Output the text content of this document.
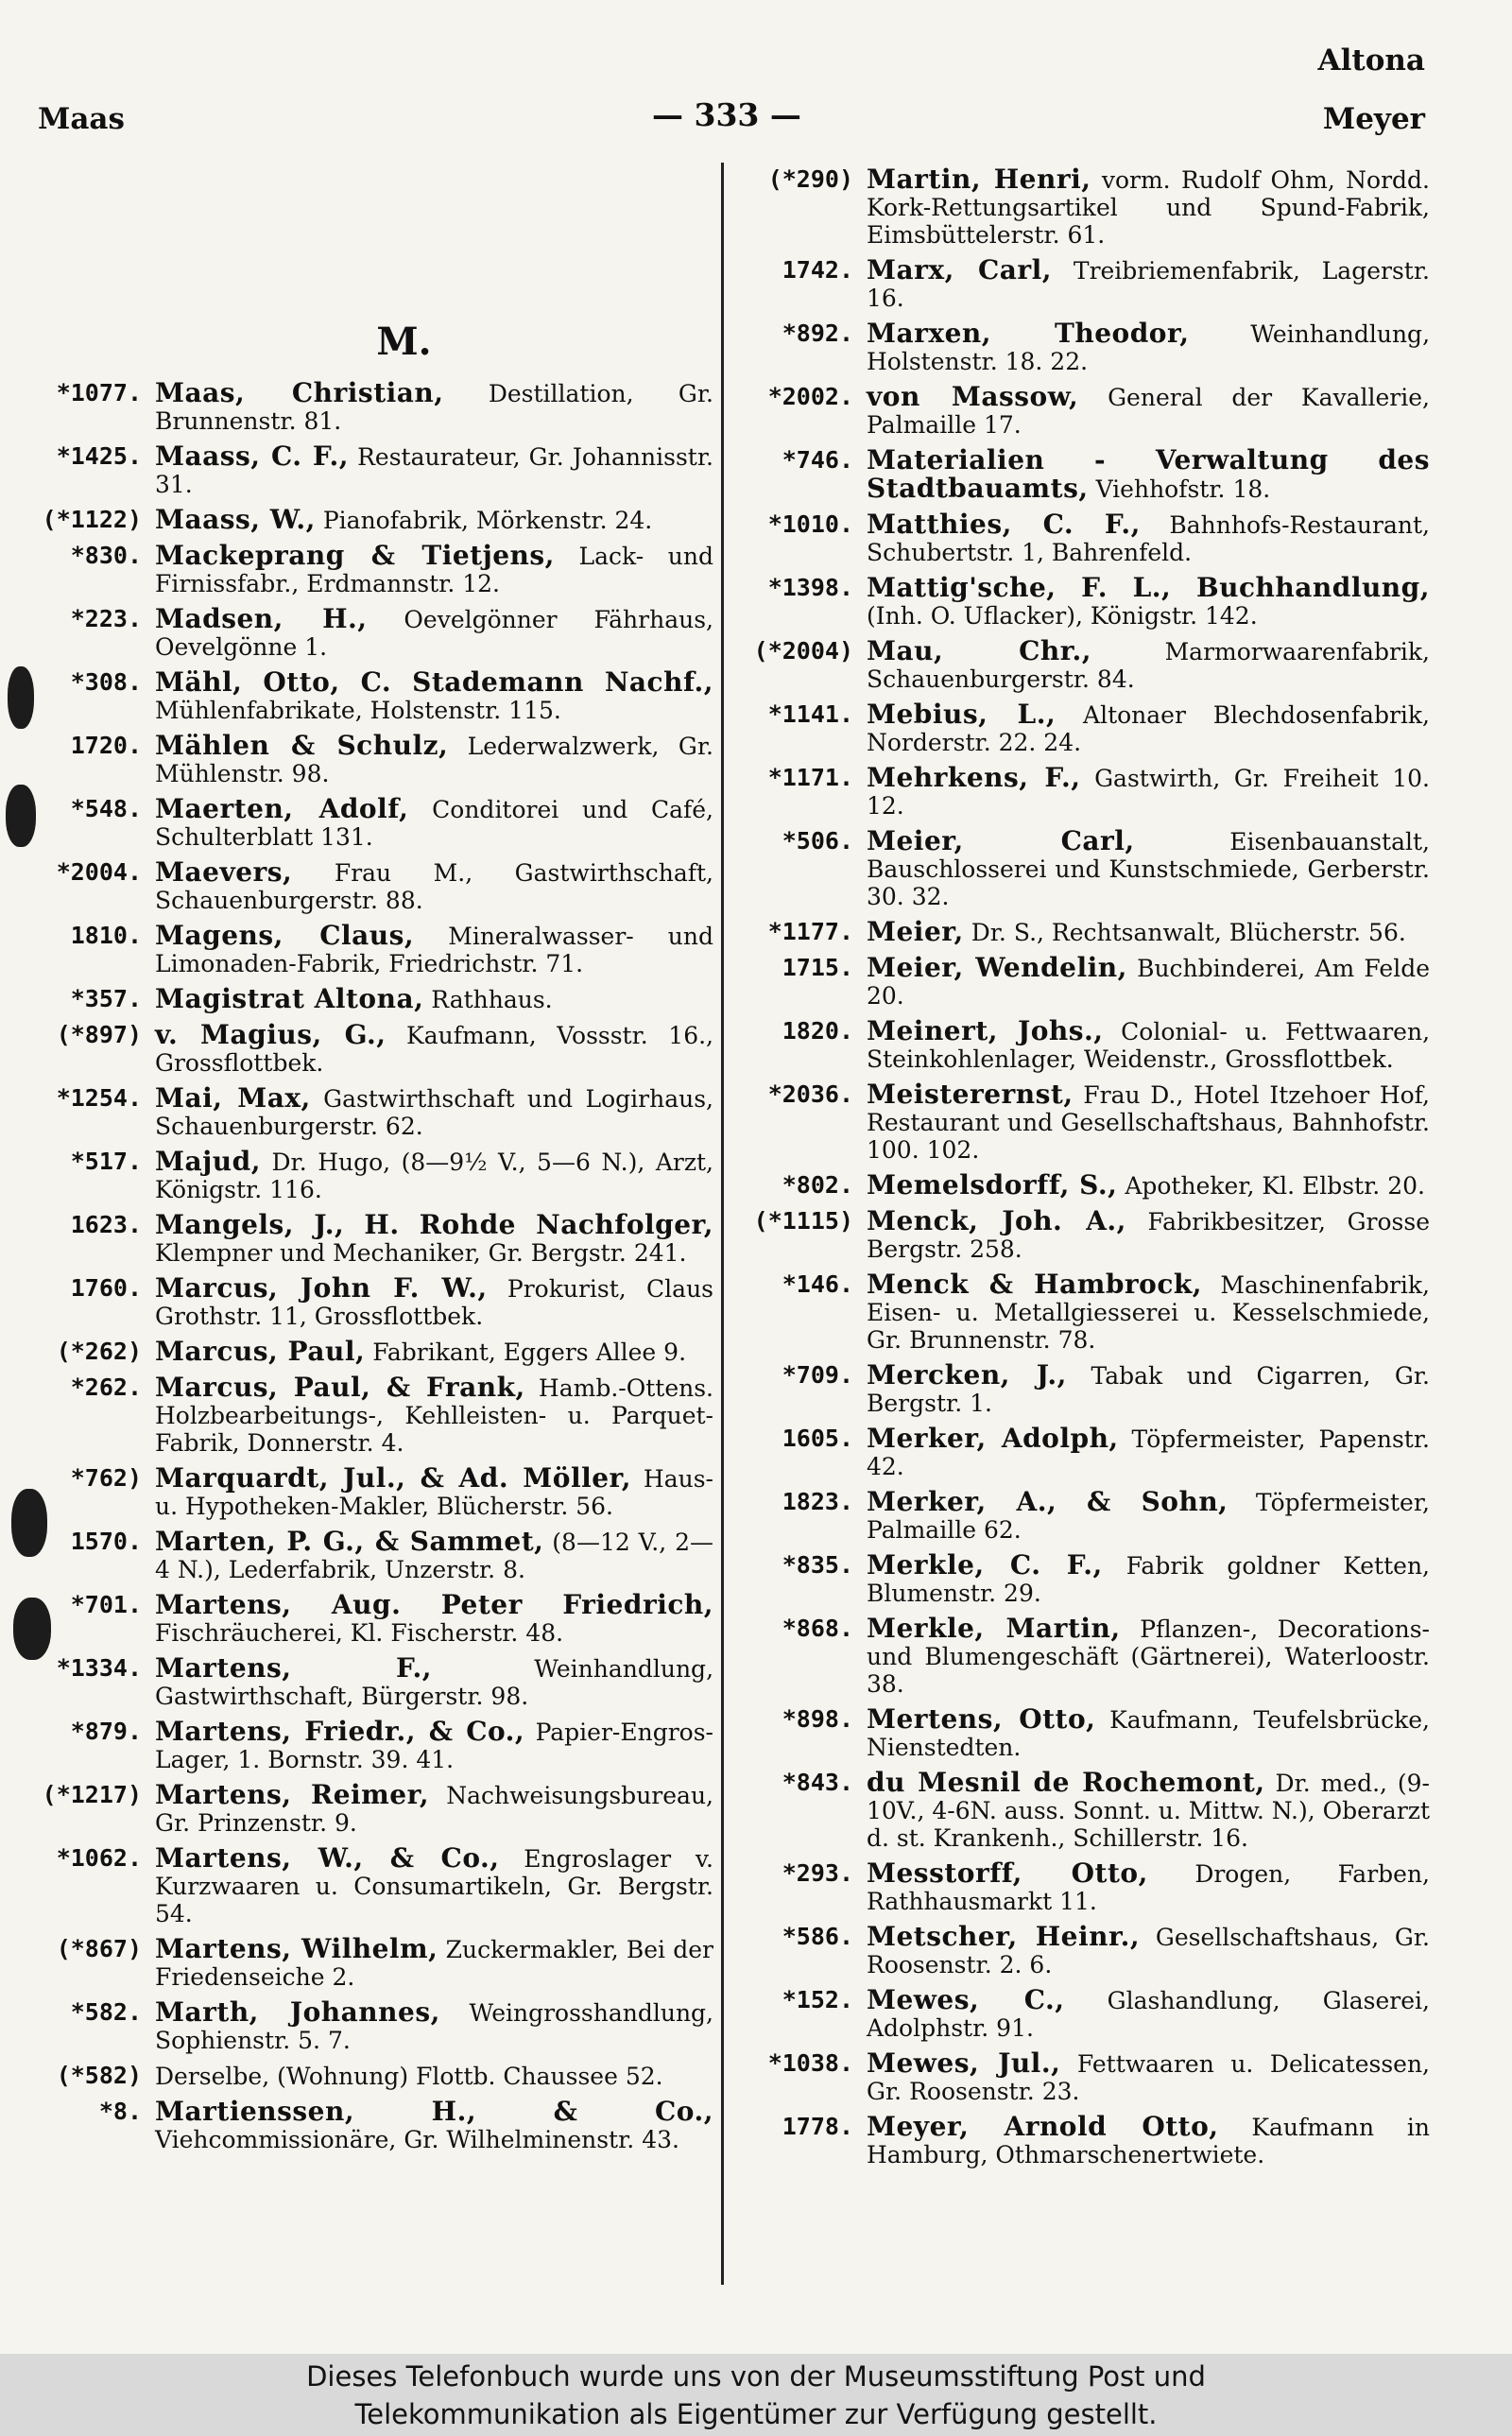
Altona
Maas	— 333 —	Meyer
M.
*1077. Maas, Christian, Destillation, Gr. Brunnenstr. 81.
*1425. Maass, C. F., Restaurateur, Gr. Johannisstr. 31.
(*1122) Maass, W., Pianofabrik, Mörkenstr. 24.
*830. Mackeprang & Tietjens, Lack- und Firnissfabr., Erdmannstr. 12.
*223. Madsen, H., Oevelgönner Fährhaus, Oevelgönne 1.
*308. Mähl, Otto, C. Stademann Nachf., Mühlenfabrikate, Holstenstr. 115.
1720. Mählen & Schulz, Lederwalzwerk, Gr. Mühlenstr. 98.
*548. Maerten, Adolf, Conditorei und Café, Schulterblatt 131.
*2004. Maevers, Frau M., Gastwirthschaft, Schauenburgerstr. 88.
1810. Magens, Claus, Mineralwasser- und Limonaden-Fabrik, Friedrichstr. 71.
*357. Magistrat Altona, Rathhaus.
(*897) v. Magius, G., Kaufmann, Vossstr. 16., Grossflottbek.
*1254. Mai, Max, Gastwirthschaft und Logirhaus, Schauenburgerstr. 62.
*517. Majud, Dr. Hugo, (8—9½ V., 5—6 N.), Arzt, Königstr. 116.
1623. Mangels, J., H. Rohde Nachfolger, Klempner und Mechaniker, Gr. Bergstr. 241.
1760. Marcus, John F. W., Prokurist, Claus Grothstr. 11, Grossflottbek.
(*262) Marcus, Paul, Fabrikant, Eggers Allee 9.
*262. Marcus, Paul, & Frank, Hamb.-Ottens. Holzbearbeitungs-, Kehlleisten- u. Parquet-Fabrik, Donnerstr. 4.
*762) Marquardt, Jul., & Ad. Möller, Haus- u. Hypotheken-Makler, Blücherstr. 56.
1570. Marten, P. G., & Sammet, (8—12 V., 2—4 N.), Lederfabrik, Unzerstr. 8.
*701. Martens, Aug. Peter Friedrich, Fischräucherei, Kl. Fischerstr. 48.
*1334. Martens, F.,	Weinhandlung, Gastwirthschaft, Bürgerstr. 98.
*879. Martens, Friedr., & Co., Papier-Engros-Lager, 1. Bornstr. 39. 41.
(*1217) Martens, Reimer, Nachweisungsbureau, Gr. Prinzenstr. 9.
*1062. Martens, W., & Co., Engroslager v. Kurzwaaren u. Consumartikeln, Gr. Bergstr. 54.
(*867) Martens, Wilhelm, Zuckermakler, Bei der Friedenseiche 2.
*582. Marth, Johannes, Weingrosshandlung, Sophienstr. 5. 7.
(*582) Derselbe, (Wohnung) Flottb. Chaussee 52.
*8. Martienssen, H., & Co., Viehcommissionäre, Gr. Wilhelminenstr. 43.
(*290) Martin, Henri, vorm. Rudolf Ohm, Nordd. Kork-Rettungsartikel und Spund-Fabrik, Eimsbüttelerstr. 61.
1742. Marx, Carl, Treibriemenfabrik, Lagerstr. 16.
*892. Marxen, Theodor,	Weinhandlung, Holstenstr. 18. 22.
*2002. von Massow, General der Kavallerie, Palmaille 17.
*746. Materialien - Verwaltung des Stadtbauamts, Viehhofstr. 18.
*1010. Matthies, C. F., Bahnhofs-Restaurant, Schubertstr. 1, Bahrenfeld.
*1398. Mattig'sche, F. L., Buchhandlung, (Inh. O. Uflacker), Königstr. 142.
(*2004) Mau, Chr.,	Marmorwaarenfabrik, Schauenburgerstr. 84.
*1141. Mebius, L., Altonaer Blechdosenfabrik, Norderstr. 22. 24.
*1171. Mehrkens, F., Gastwirth, Gr. Freiheit 10. 12.
*506. Meier, Carl,	Eisenbauanstalt, Bauschlosserei und Kunstschmiede, Gerberstr. 30. 32.
*1177. Meier, Dr. S., Rechtsanwalt, Blücherstr. 56.
1715. Meier, Wendelin, Buchbinderei, Am Felde 20.
1820. Meinert, Johs., Colonial- u. Fettwaaren, Steinkohlenlager, Weidenstr., Grossflottbek.
*2036. Meisterernst, Frau D., Hotel Itzehoer Hof, Restaurant und Gesellschaftshaus, Bahnhofstr. 100. 102.
*802. Memelsdorff, S., Apotheker, Kl. Elbstr. 20.
(*1115) Menck, Joh. A., Fabrikbesitzer, Grosse Bergstr. 258.
*146. Menck & Hambrock, Maschinenfabrik, Eisen- u. Metallgiesserei u. Kesselschmiede, Gr. Brunnenstr. 78.
*709. Mercken, J., Tabak und Cigarren, Gr. Bergstr. 1.
1605. Merker, Adolph, Töpfermeister, Papenstr. 42.
1823. Merker, A., & Sohn, Töpfermeister, Palmaille 62.
*835. Merkle, C. F., Fabrik goldner Ketten, Blumenstr. 29.
*868. Merkle, Martin, Pflanzen-, Decorations- und Blumengeschäft (Gärtnerei), Waterloostr. 38.
*898. Mertens, Otto, Kaufmann, Teufelsbrücke, Nienstedten.
*843. du Mesnil de Rochemont, Dr. med., (9-10V., 4-6N. auss. Sonnt. u. Mittw. N.), Oberarzt d. st. Krankenh., Schillerstr. 16.
*293. Messtorff, Otto, Drogen, Farben, Rathhausmarkt 11.
*586. Metscher, Heinr., Gesellschaftshaus, Gr. Roosenstr. 2. 6.
*152. Mewes, C., Glashandlung, Glaserei, Adolphstr. 91.
*1038. Mewes, Jul., Fettwaaren u. Delicatessen, Gr. Roosenstr. 23.
1778. Meyer, Arnold Otto, Kaufmann in Hamburg, Othmarschenertwiete.
Dieses Telefonbuch wurde uns von der Museumsstiftung Post und
Telekommunikation als Eigentümer zur Verfügung gestellt.
